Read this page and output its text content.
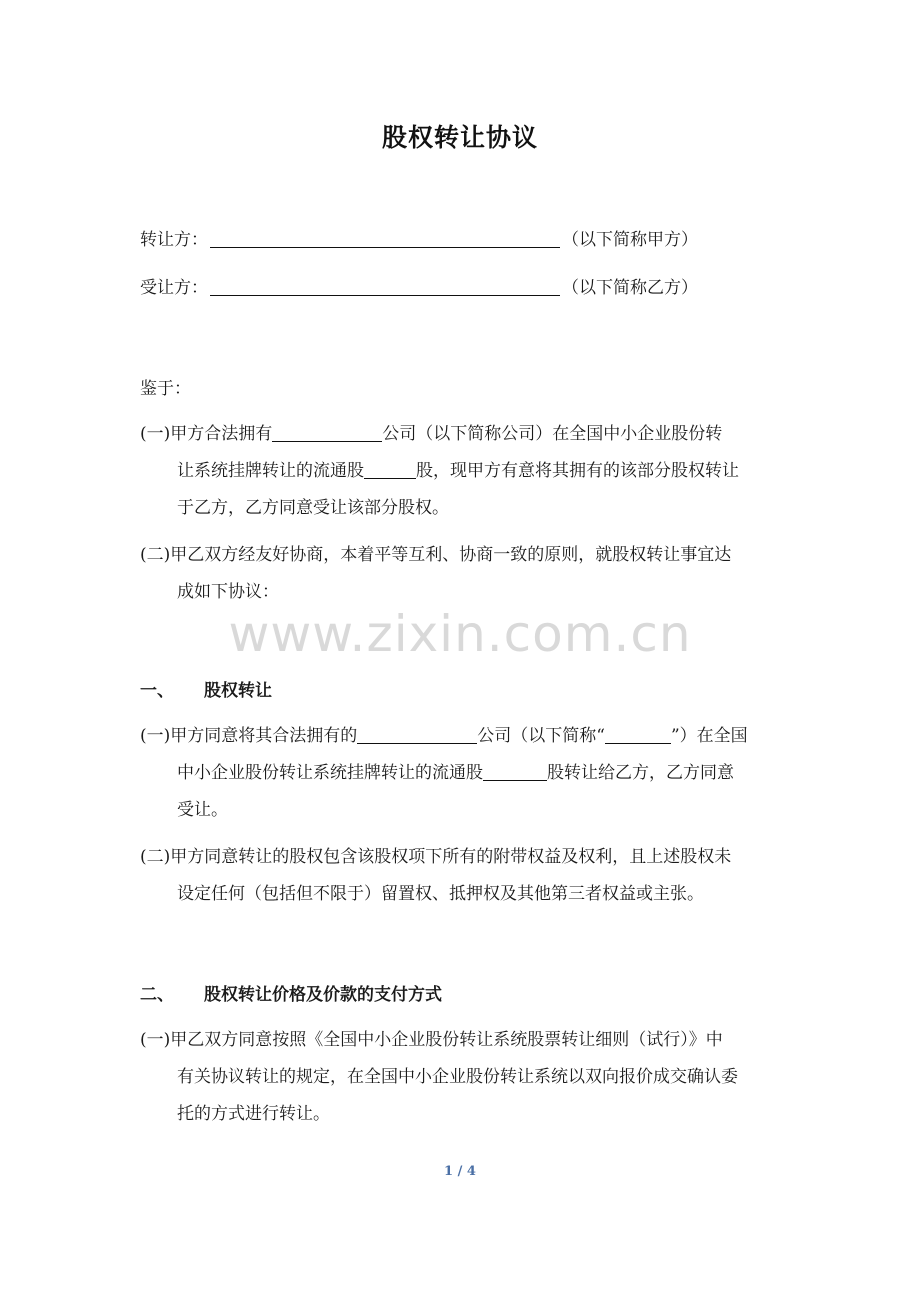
股权转让协议
转让方：	（以下简称甲方）
受让方：	（以下简称乙方）
鉴于：
(一)甲方合法拥有	公司（以下简称公司）在全国中小企业股份转
让系统挂牌转让的流通股	股，现甲方有意将其拥有的该部分股权转让
于乙方，乙方同意受让该部分股权。
(二)甲乙双方经友好协商，本着平等互利、协商一致的原则，就股权转让事宜达
成如下协议：
www.zixin.com.cn
一、 股权转让
(一)甲方同意将其合法拥有的	公司（以下简称“	”）在全国
中小企业股份转让系统挂牌转让的流通股	股转让给乙方，乙方同意
受让。
(二)甲方同意转让的股权包含该股权项下所有的附带权益及权利，且上述股权未
设定任何（包括但不限于）留置权、抵押权及其他第三者权益或主张。
二、 股权转让价格及价款的支付方式
(一)甲乙双方同意按照《全国中小企业股份转让系统股票转让细则（试行）》中
有关协议转让的规定，在全国中小企业股份转让系统以双向报价成交确认委
托的方式进行转让。
1 / 4
